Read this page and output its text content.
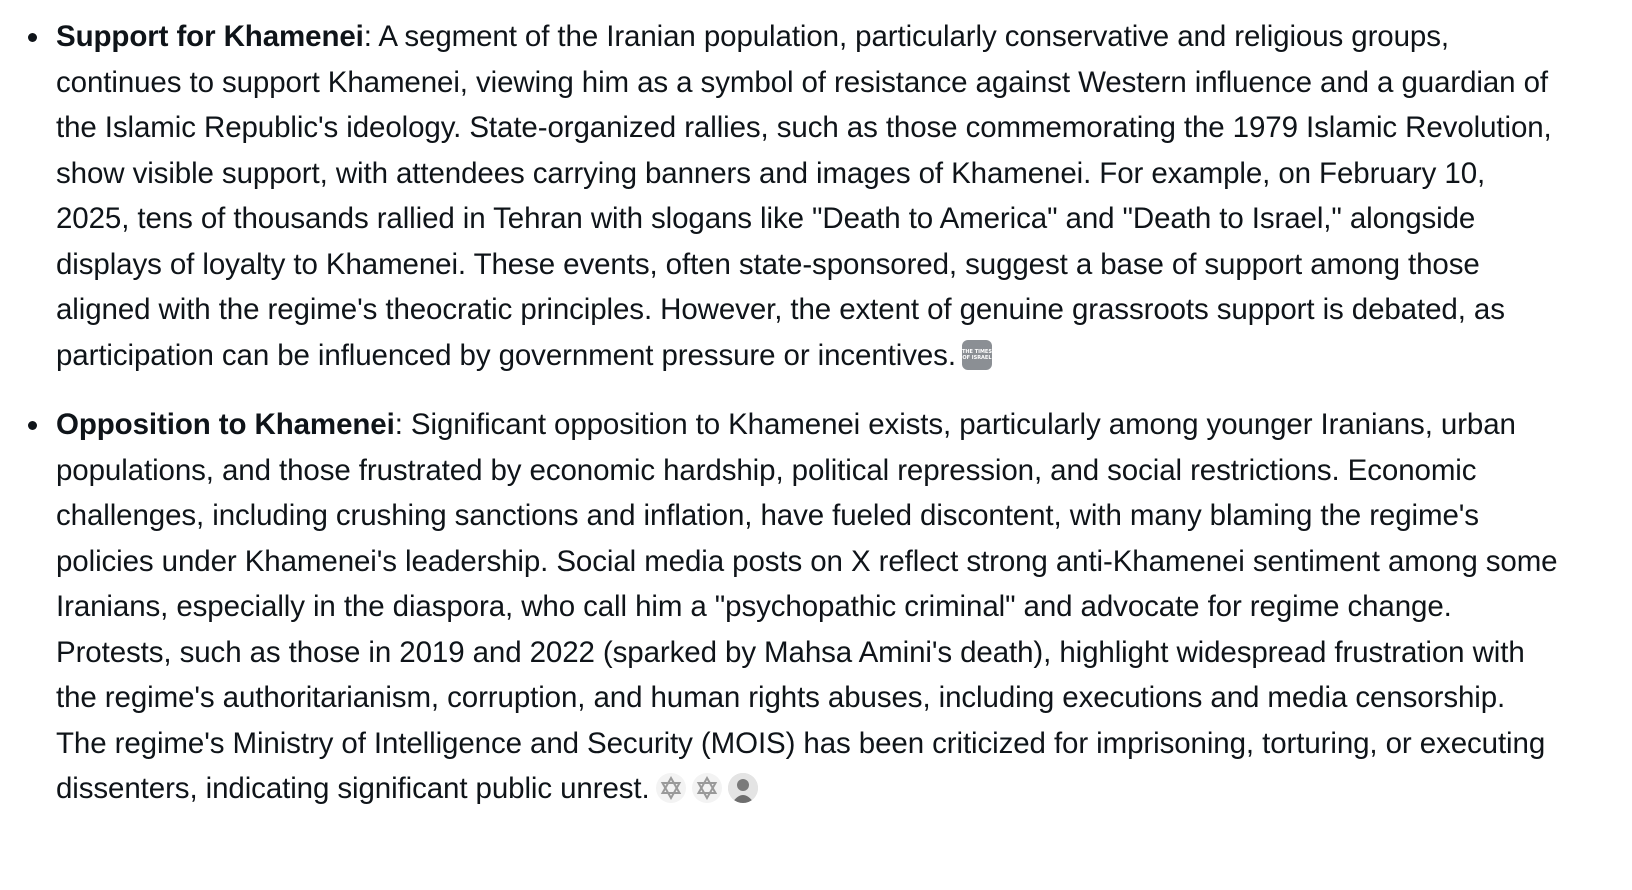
Support for Khamenei: A segment of the Iranian population, particularly conservative and religious groups, continues to support Khamenei, viewing him as a symbol of resistance against Western influence and a guardian of the Islamic Republic's ideology. State-organized rallies, such as those commemorating the 1979 Islamic Revolution, show visible support, with attendees carrying banners and images of Khamenei. For example, on February 10, 2025, tens of thousands rallied in Tehran with slogans like "Death to America" and "Death to Israel," alongside displays of loyalty to Khamenei. These events, often state-sponsored, suggest a base of support among those aligned with the regime's theocratic principles. However, the extent of genuine grassroots support is debated, as participation can be influenced by government pressure or incentives. THE TIMES
OF ISRAEL
Opposition to Khamenei: Significant opposition to Khamenei exists, particularly among younger Iranians, urban populations, and those frustrated by economic hardship, political repression, and social restrictions. Economic challenges, including crushing sanctions and inflation, have fueled discontent, with many blaming the regime's policies under Khamenei's leadership. Social media posts on X reflect strong anti-Khamenei sentiment among some Iranians, especially in the diaspora, who call him a "psychopathic criminal" and advocate for regime change. Protests, such as those in 2019 and 2022 (sparked by Mahsa Amini's death), highlight widespread frustration with the regime's authoritarianism, corruption, and human rights abuses, including executions and media censorship. The regime's Ministry of Intelligence and Security (MOIS) has been criticized for imprisoning, torturing, or executing dissenters, indicating significant public unrest.
